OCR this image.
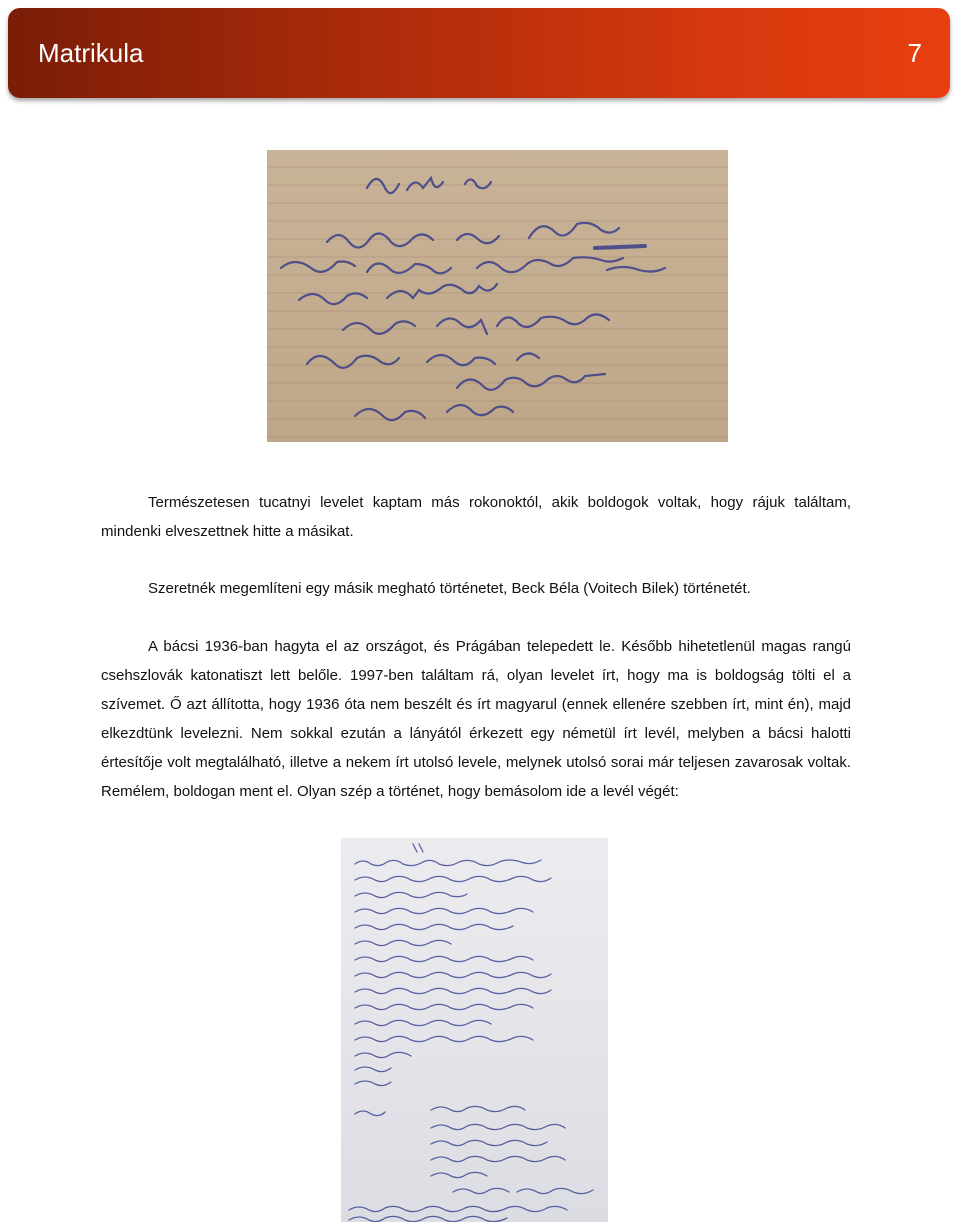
Matrikula	7

Természetesen tucatnyi levelet kaptam más rokonoktól, akik boldogok voltak, hogy rájuk találtam, mindenki elveszettnek hitte a másikat.

Szeretnék megemlíteni egy másik megható történetet, Beck Béla (Voitech Bilek) történetét.

A bácsi 1936-ban hagyta el az országot, és Prágában telepedett le. Később hihetetlenül magas rangú csehszlovák katonatiszt lett belőle. 1997-ben találtam rá, olyan levelet írt, hogy ma is boldogság tölti el a szívemet. Ő azt állította, hogy 1936 óta nem beszélt és írt magyarul (ennek ellenére szebben írt, mint én), majd elkezdtünk levelezni. Nem sokkal ezután a lányától érkezett egy németül írt levél, melyben a bácsi halotti értesítője volt megtalálható, illetve a nekem írt utolsó levele, melynek utolsó sorai már teljesen zavarosak voltak. Remélem, boldogan ment el. Olyan szép a történet, hogy bemásolom ide a levél végét:
